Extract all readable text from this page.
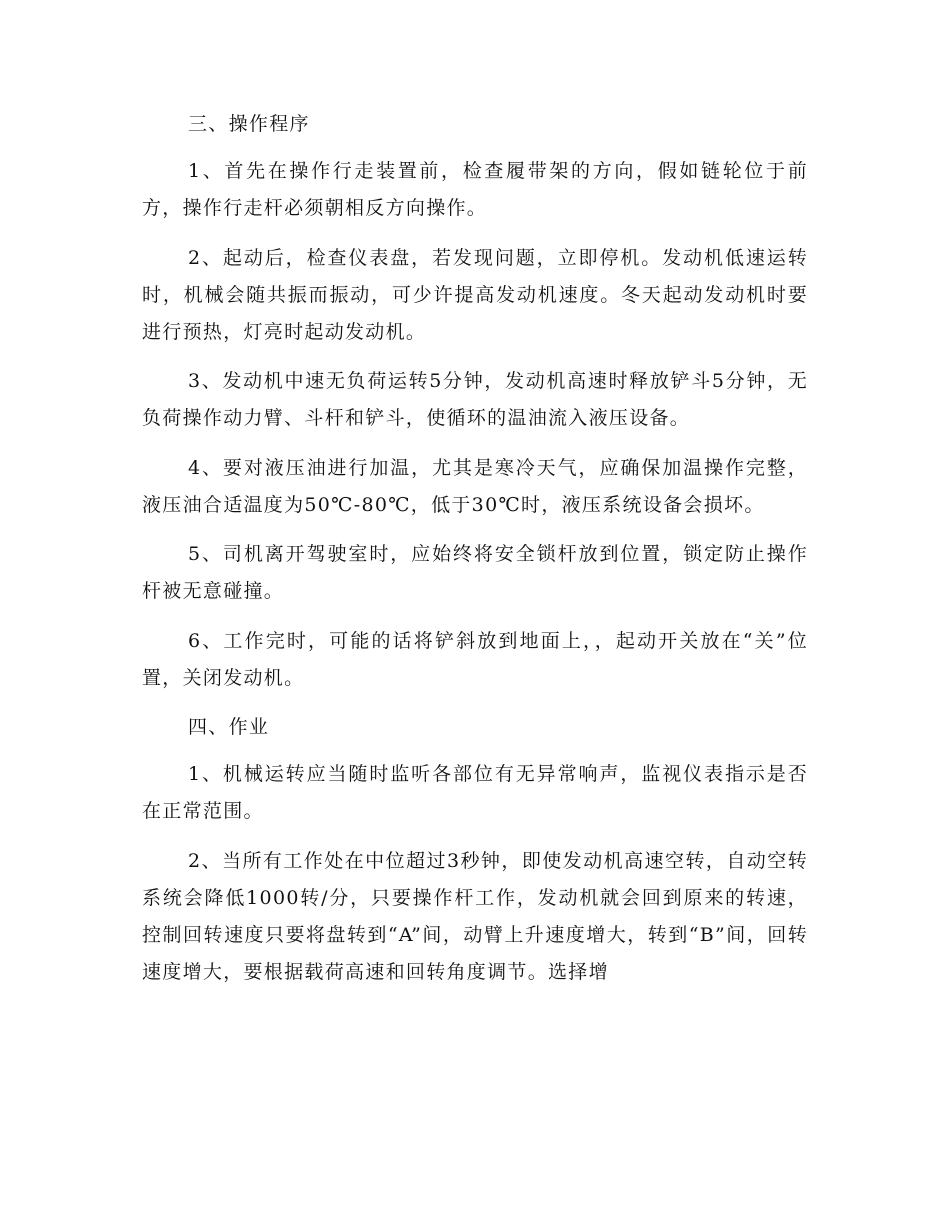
三、操作程序

1、首先在操作行走装置前，检查履带架的方向，假如链轮位于前方，操作行走杆必须朝相反方向操作。

2、起动后，检查仪表盘，若发现问题，立即停机。发动机低速运转时，机械会随共振而振动，可少许提高发动机速度。冬天起动发动机时要进行预热，灯亮时起动发动机。

3、发动机中速无负荷运转5分钟，发动机高速时释放铲斗5分钟，无负荷操作动力臂、斗杆和铲斗，使循环的温油流入液压设备。

4、要对液压油进行加温，尤其是寒冷天气，应确保加温操作完整，液压油合适温度为50℃-80℃，低于30℃时，液压系统设备会损坏。

5、司机离开驾驶室时，应始终将安全锁杆放到位置，锁定防止操作杆被无意碰撞。

6、工作完时，可能的话将铲斜放到地面上，，起动开关放在“关”位置，关闭发动机。

四、作业

1、机械运转应当随时监听各部位有无异常响声，监视仪表指示是否在正常范围。

2、当所有工作处在中位超过3秒钟，即使发动机高速空转，自动空转系统会降低1000转/分，只要操作杆工作，发动机就会回到原来的转速，控制回转速度只要将盘转到“A”间，动臂上升速度增大，转到“B”间，回转速度增大，要根据载荷高速和回转角度调节。选择增
